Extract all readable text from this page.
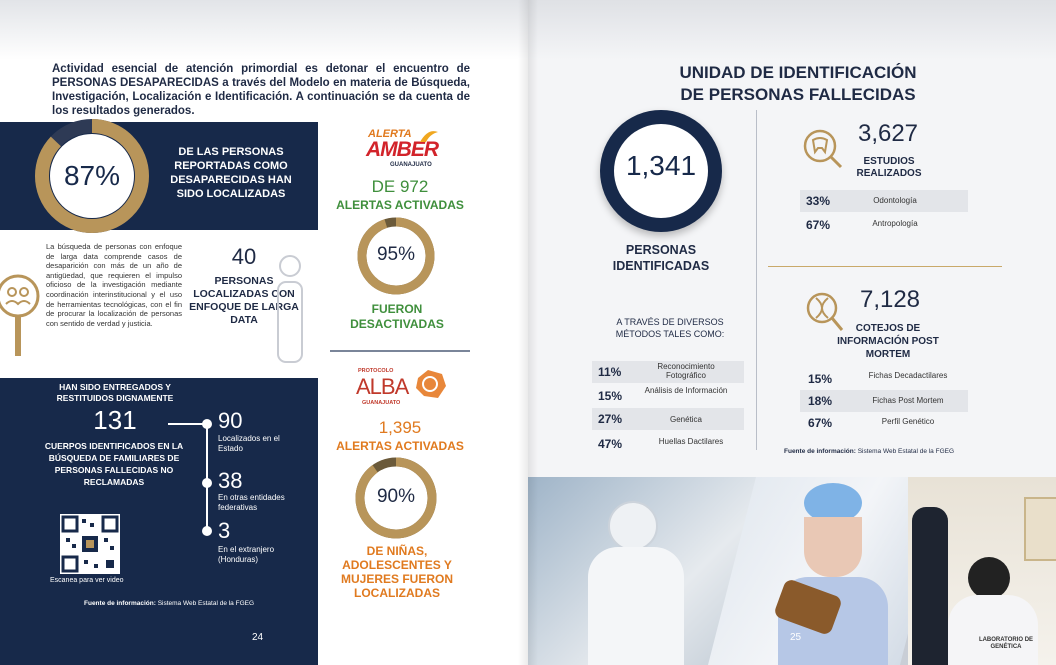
Actividad esencial de atención primordial es detonar el encuentro de PERSONAS DESAPARECIDAS a través del Modelo en materia de Búsqueda, Investigación, Localización e Identificación. A continuación se da cuenta de los resultados generados.

87%
DE LAS PERSONAS REPORTADAS COMO DESAPARECIDAS HAN SIDO LOCALIZADAS

La búsqueda de personas con enfoque de larga data comprende casos de desaparición con más de un año de antigüedad, que requieren el impulso oficioso de la investigación mediante coordinación interinstitucional y el uso de herramientas tecnológicas, con el fin de procurar la localización de personas con sentido de verdad y justicia.

40
PERSONAS LOCALIZADAS CON ENFOQUE DE LARGA DATA
HAN SIDO ENTREGADOS Y RESTITUIDOS DIGNAMENTE
131
CUERPOS IDENTIFICADOS EN LA BÚSQUEDA DE FAMILIARES DE PERSONAS FALLECIDAS NO RECLAMADAS
90
Localizados en el Estado
38
En otras entidades federativas
3
En el extranjero (Honduras)
Escanea para ver video
Fuente de información: Sistema Web Estatal de la FGEG
24
ALERTA
AMBER
GUANAJUATO
DE 972
ALERTAS ACTIVADAS
95%
FUERON DESACTIVADAS
PROTOCOLO
ALBA
GUANAJUATO
1,395
ALERTAS ACTIVADAS
90%
DE NIÑAS, ADOLESCENTES Y MUJERES FUERON LOCALIZADAS
UNIDAD DE IDENTIFICACIÓN
DE PERSONAS FALLECIDAS
1,341
PERSONAS IDENTIFICADAS
A TRAVÉS DE DIVERSOS MÉTODOS TALES COMO:
11%	Reconocimiento Fotográfico
15%	Análisis de Información
27%	Genética
47%	Huellas Dactilares
3,627
ESTUDIOS REALIZADOS
33%	Odontología
67%	Antropología
7,128
COTEJOS DE INFORMACIÓN POST MORTEM
15%	Fichas Decadactilares
18%	Fichas Post Mortem
67%	Perfil Genético
Fuente de información: Sistema Web Estatal de la FGEG
LABORATORIO DE GENÉTICA
25
